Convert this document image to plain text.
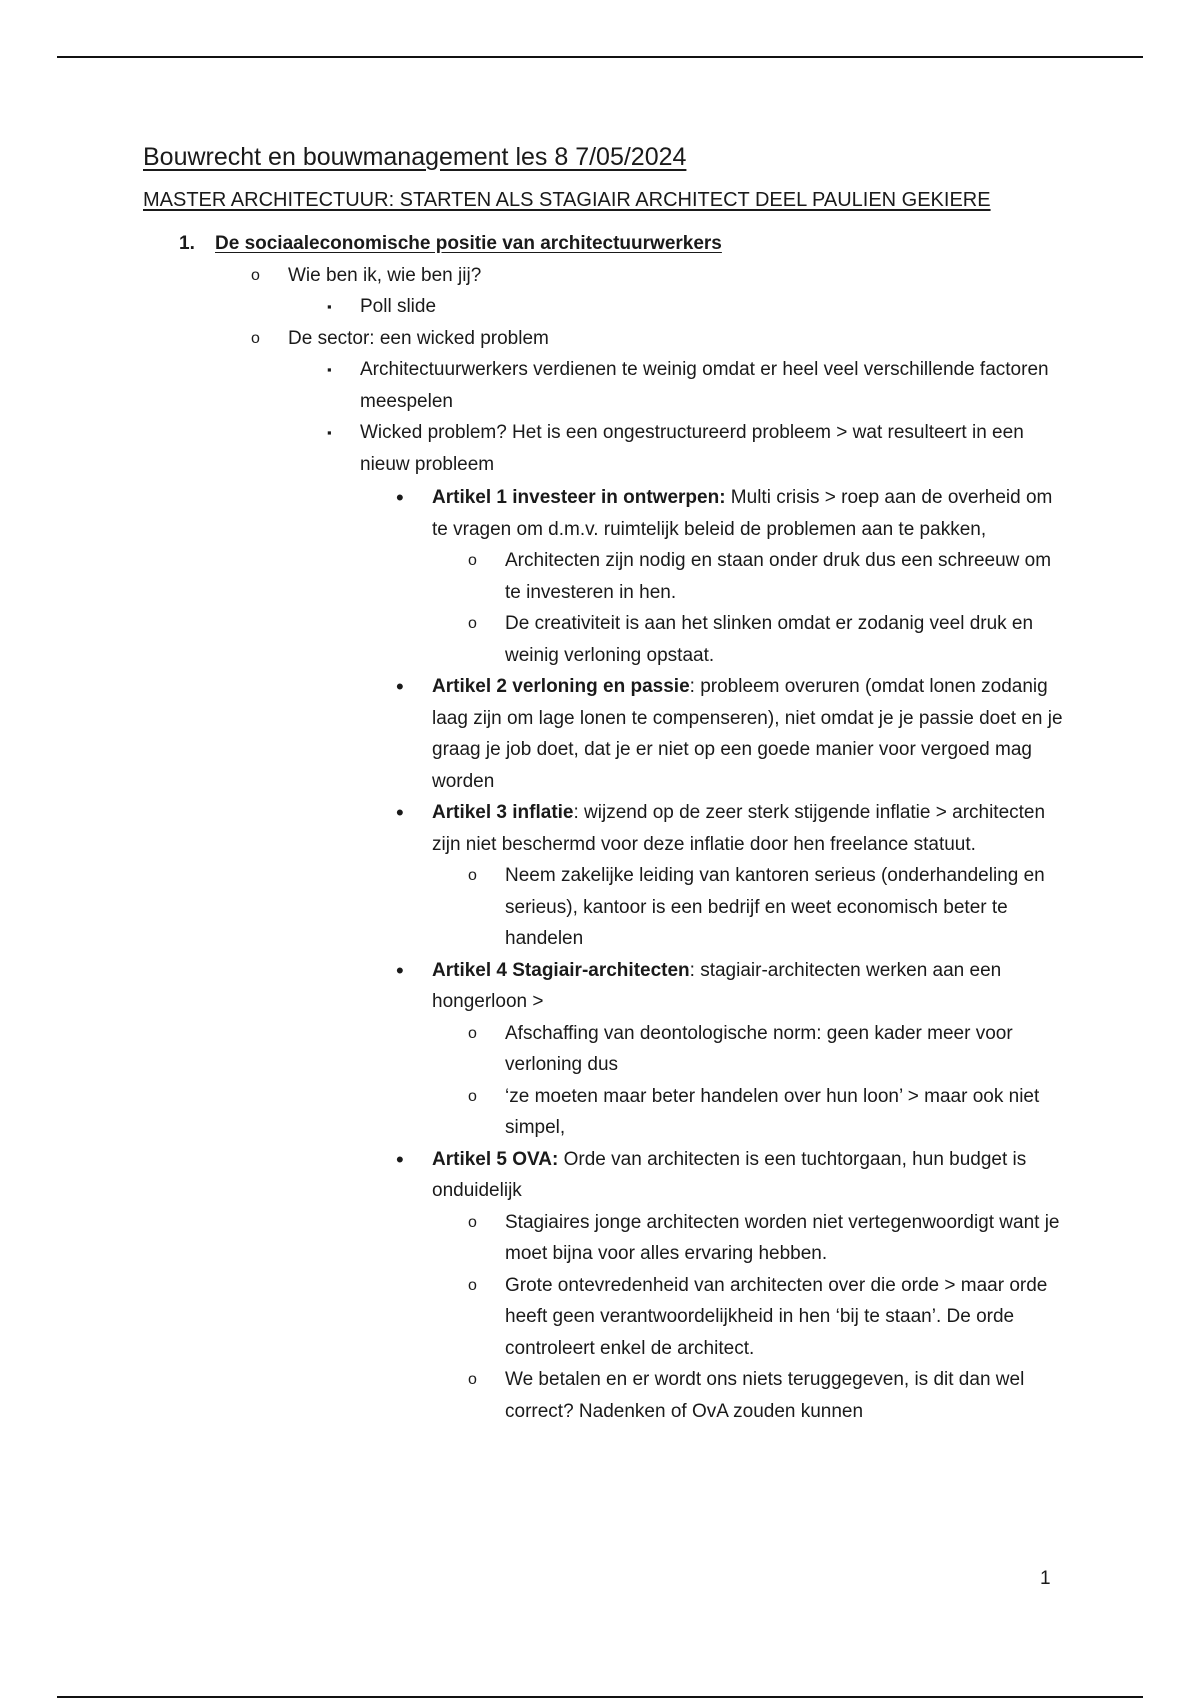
Bouwrecht en bouwmanagement les 8 7/05/2024
MASTER ARCHITECTUUR: STARTEN ALS STAGIAIR ARCHITECT DEEL PAULIEN GEKIERE
1. De sociaaleconomische positie van architectuurwerkers
o Wie ben ik, wie ben jij?
▪ Poll slide
o De sector: een wicked problem
▪ Architectuurwerkers verdienen te weinig omdat er heel veel verschillende factoren meespelen
▪ Wicked problem? Het is een ongestructureerd probleem > wat resulteert in een nieuw probleem
• Artikel 1 investeer in ontwerpen: Multi crisis > roep aan de overheid om te vragen om d.m.v. ruimtelijk beleid de problemen aan te pakken,
o Architecten zijn nodig en staan onder druk dus een schreeuw om te investeren in hen.
o De creativiteit is aan het slinken omdat er zodanig veel druk en weinig verloning opstaat.
• Artikel 2 verloning en passie: probleem overuren (omdat lonen zodanig laag zijn om lage lonen te compenseren), niet omdat je je passie doet en je graag je job doet, dat je er niet op een goede manier voor vergoed mag worden
• Artikel 3 inflatie: wijzend op de zeer sterk stijgende inflatie > architecten zijn niet beschermd voor deze inflatie door hen freelance statuut.
o Neem zakelijke leiding van kantoren serieus (onderhandeling en serieus), kantoor is een bedrijf en weet economisch beter te handelen
• Artikel 4 Stagiair-architecten: stagiair-architecten werken aan een hongerloon >
o Afschaffing van deontologische norm: geen kader meer voor verloning dus
o ‘ze moeten maar beter handelen over hun loon’ > maar ook niet simpel,
• Artikel 5 OVA: Orde van architecten is een tuchtorgaan, hun budget is onduidelijk
o Stagiaires jonge architecten worden niet vertegenwoordigt want je moet bijna voor alles ervaring hebben.
o Grote ontevredenheid van architecten over die orde > maar orde heeft geen verantwoordelijkheid in hen ‘bij te staan’. De orde controleert enkel de architect.
o We betalen en er wordt ons niets teruggegeven, is dit dan wel correct? Nadenken of OvA zouden kunnen
1
